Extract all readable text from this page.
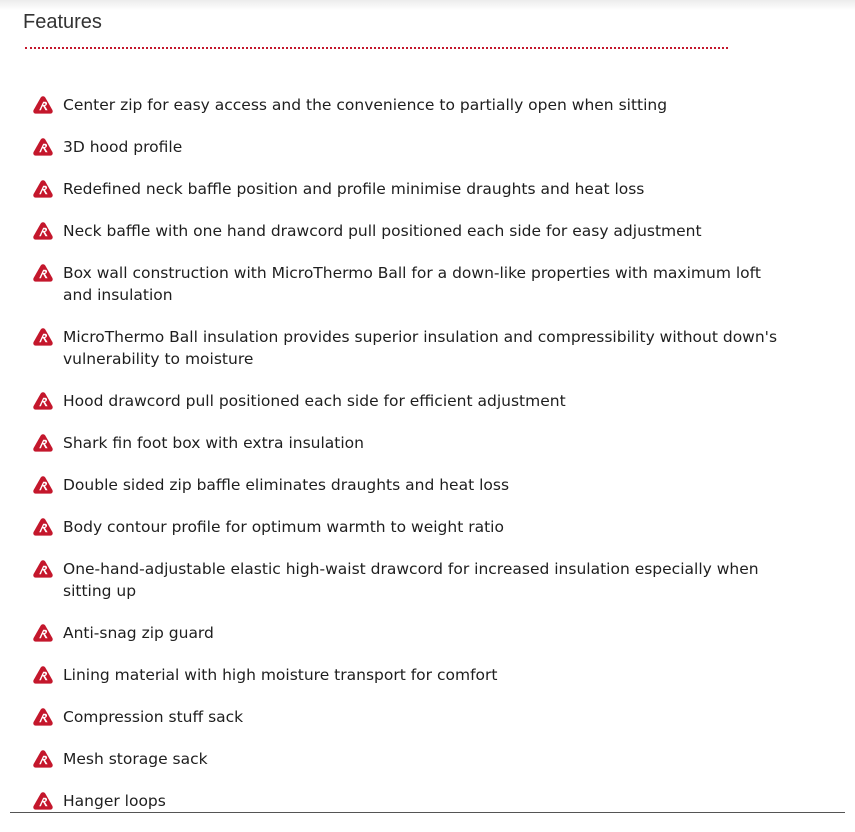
Features
Center zip for easy access and the convenience to partially open when sitting
3D hood profile
Redefined neck baffle position and profile minimise draughts and heat loss
Neck baffle with one hand drawcord pull positioned each side for easy adjustment
Box wall construction with MicroThermo Ball for a down-like properties with maximum loft and insulation
MicroThermo Ball insulation provides superior insulation and compressibility without down's vulnerability to moisture
Hood drawcord pull positioned each side for efficient adjustment
Shark fin foot box with extra insulation
Double sided zip baffle eliminates draughts and heat loss
Body contour profile for optimum warmth to weight ratio
One-hand-adjustable elastic high-waist drawcord for increased insulation especially when sitting up
Anti-snag zip guard
Lining material with high moisture transport for comfort
Compression stuff sack
Mesh storage sack
Hanger loops
